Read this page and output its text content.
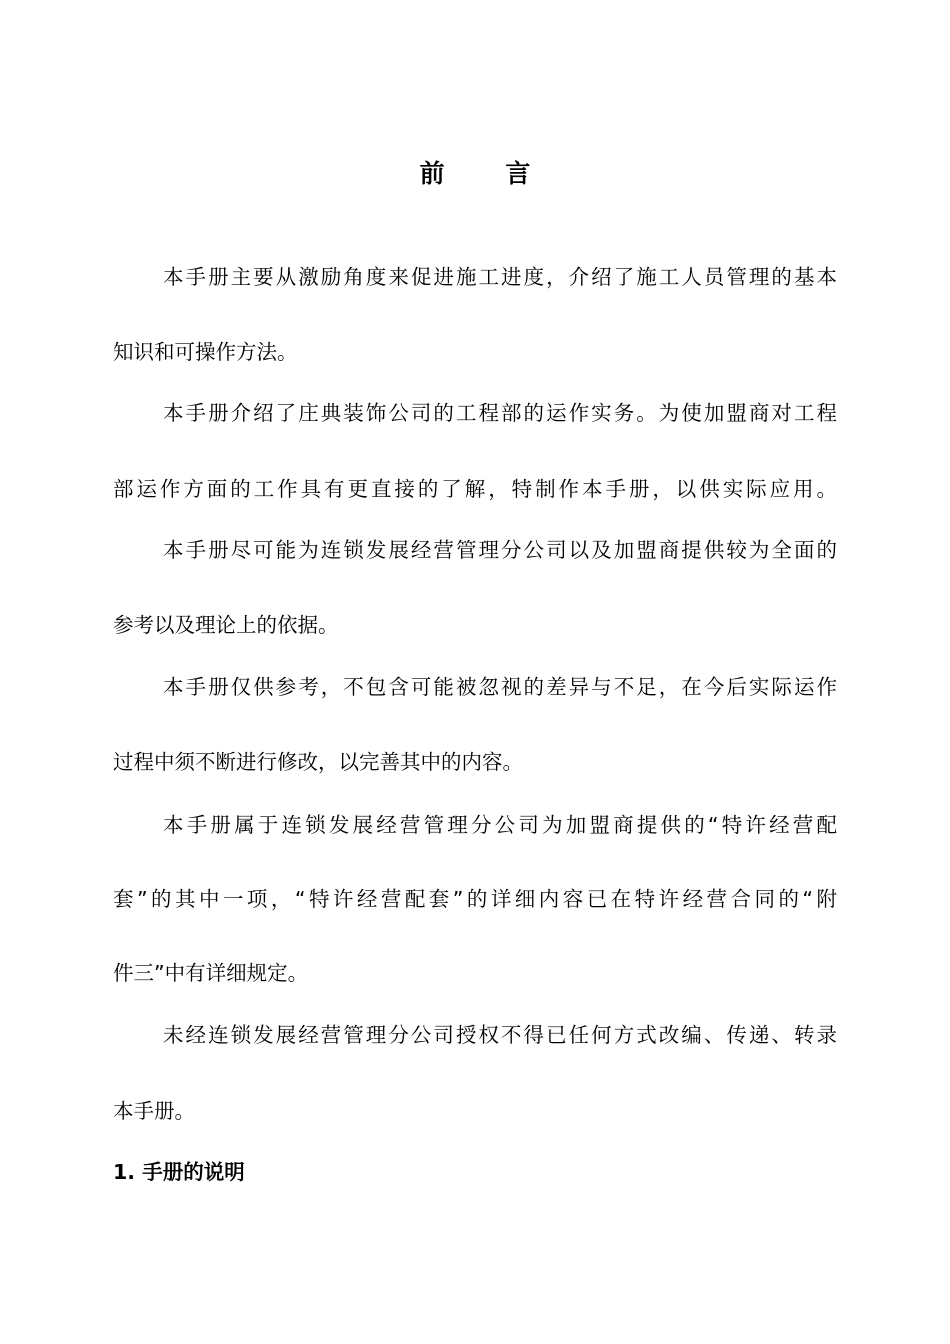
前 言
本手册主要从激励角度来促进施工进度，介绍了施工人员管理的基本
知识和可操作方法。
本手册介绍了庄典装饰公司的工程部的运作实务。为使加盟商对工程
部运作方面的工作具有更直接的了解，特制作本手册，以供实际应用。
本手册尽可能为连锁发展经营管理分公司以及加盟商提供较为全面的
参考以及理论上的依据。
本手册仅供参考，不包含可能被忽视的差异与不足，在今后实际运作
过程中须不断进行修改，以完善其中的内容。
本手册属于连锁发展经营管理分公司为加盟商提供的“特许经营配
套”的其中一项，“特许经营配套”的详细内容已在特许经营合同的“附
件三”中有详细规定。
未经连锁发展经营管理分公司授权不得已任何方式改编、传递、转录
本手册。
1. 手册的说明
